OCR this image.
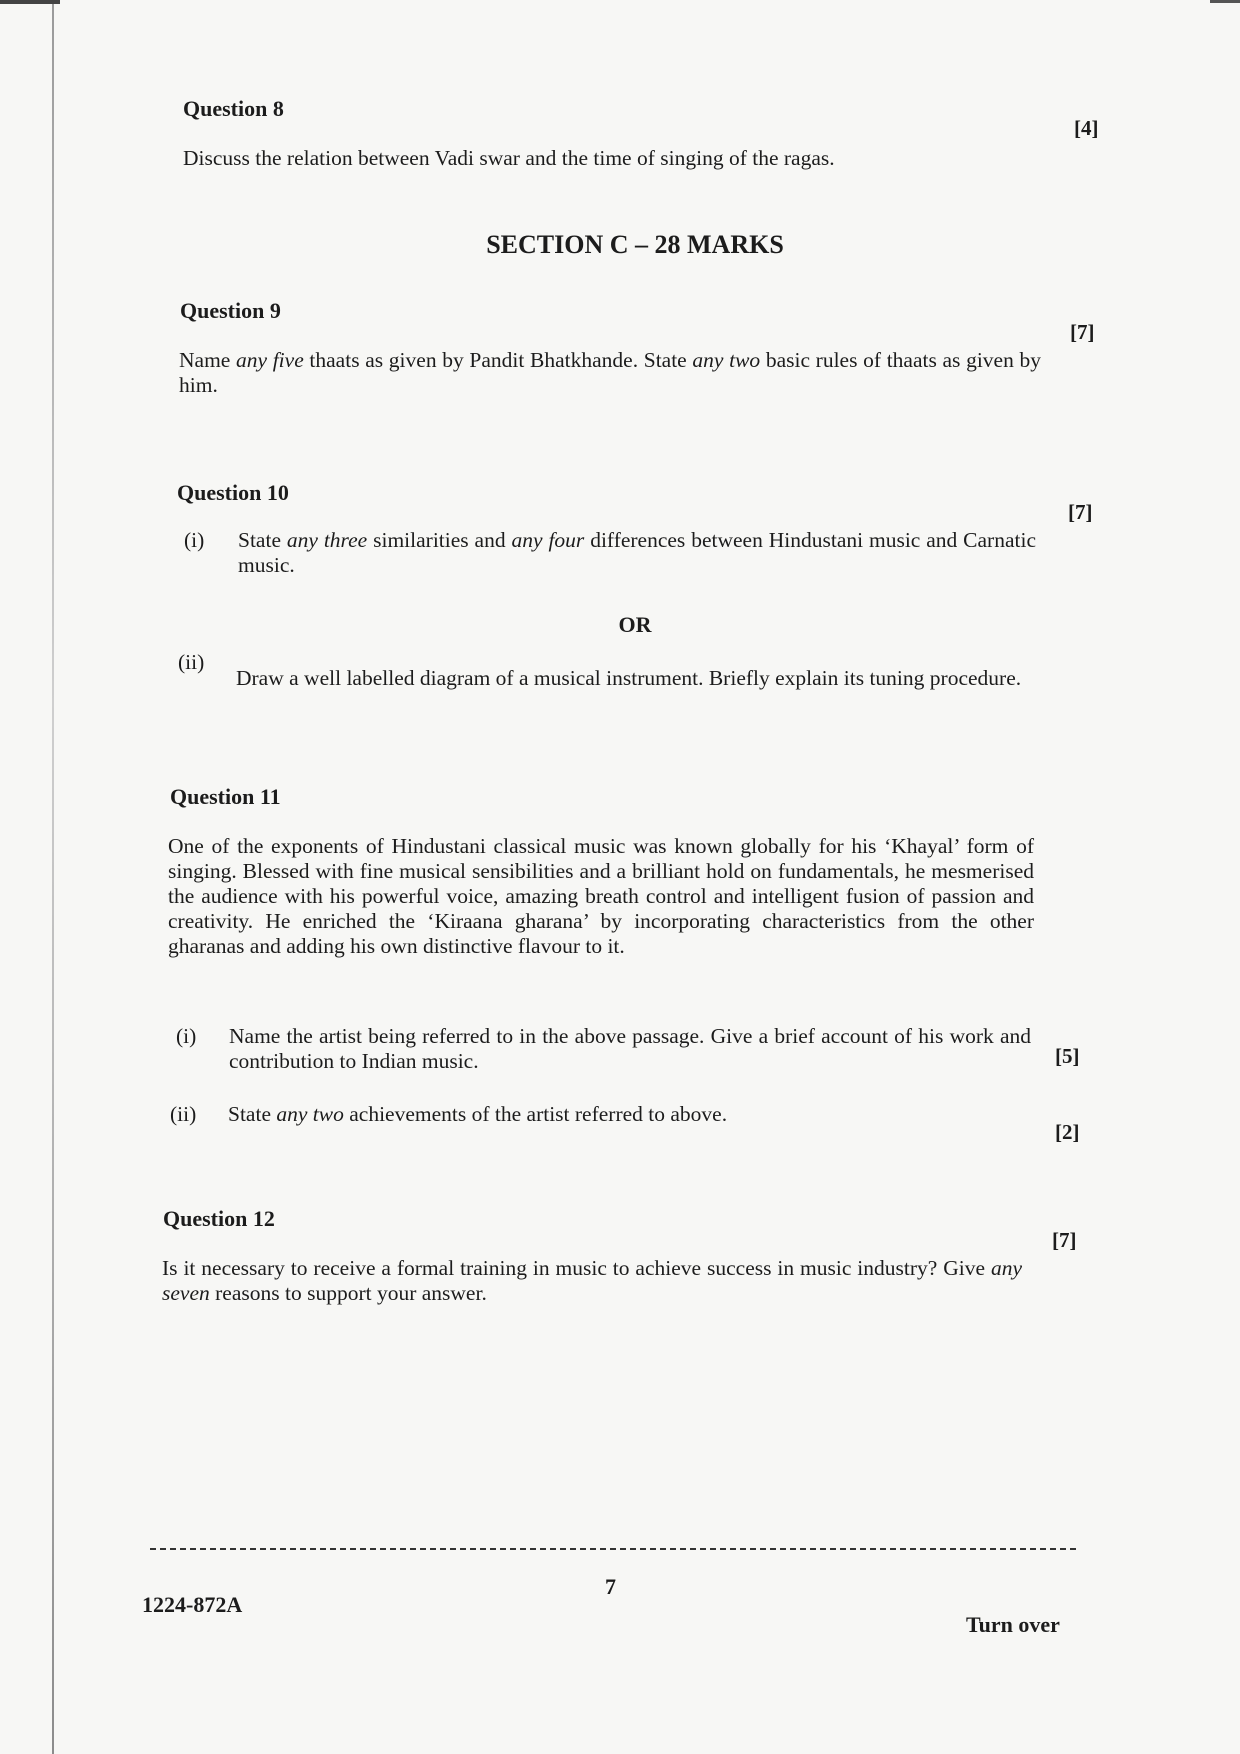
Question 8

[4]

Discuss the relation between Vadi swar and the time of singing of the ragas.

SECTION C – 28 MARKS

Question 9

[7]

Name any five thaats as given by Pandit Bhatkhande. State any two basic rules of thaats as given by him.

Question 10

[7]

(i) State any three similarities and any four differences between Hindustani music and Carnatic music.

OR

(ii)

Draw a well labelled diagram of a musical instrument. Briefly explain its tuning procedure.

Question 11

One of the exponents of Hindustani classical music was known globally for his ‘Khayal’ form of singing. Blessed with fine musical sensibilities and a brilliant hold on fundamentals, he mesmerised the audience with his powerful voice, amazing breath control and intelligent fusion of passion and creativity. He enriched the ‘Kiraana gharana’ by incorporating characteristics from the other gharanas and adding his own distinctive flavour to it.

(i) Name the artist being referred to in the above passage. Give a brief account of his work and contribution to Indian music.	[5]

(ii) State any two achievements of the artist referred to above.

[2]

Question 12

[7]

Is it necessary to receive a formal training in music to achieve success in music industry? Give any seven reasons to support your answer.

7
1224-872A
Turn over
